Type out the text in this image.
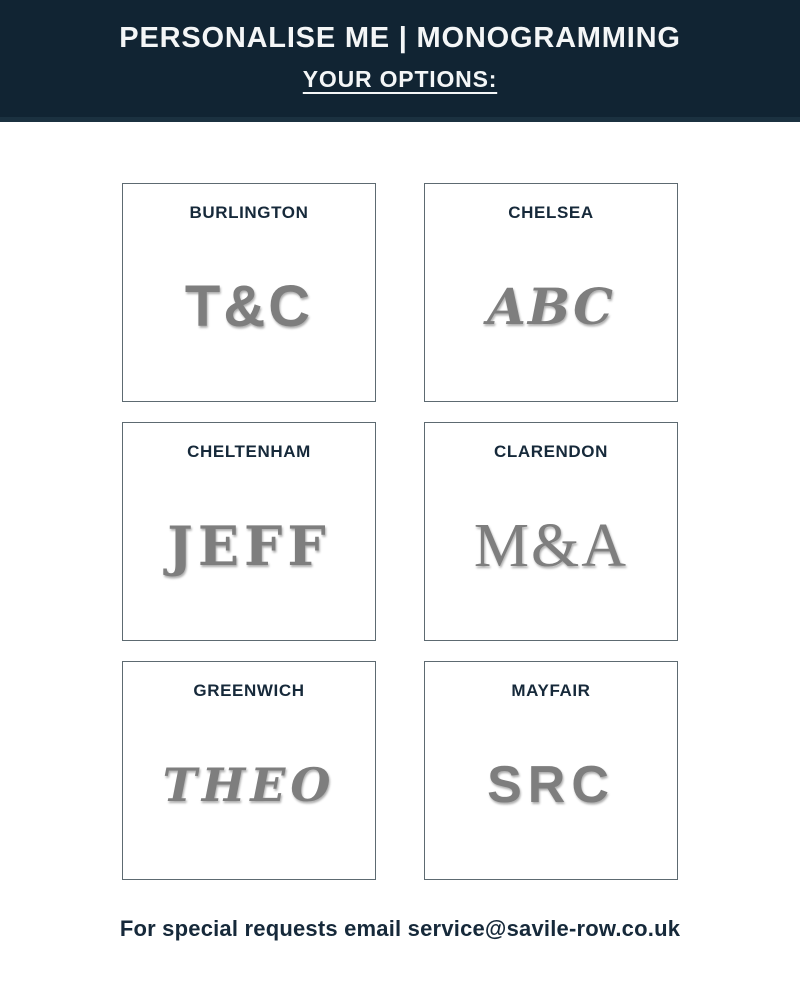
PERSONALISE ME | MONOGRAMMING
YOUR OPTIONS:
BURLINGTON
T&C
CHELSEA
ABC
CHELTENHAM
JEFF
CLARENDON
M&A
GREENWICH
THEO
MAYFAIR
SRC
For special requests email service@savile-row.co.uk
